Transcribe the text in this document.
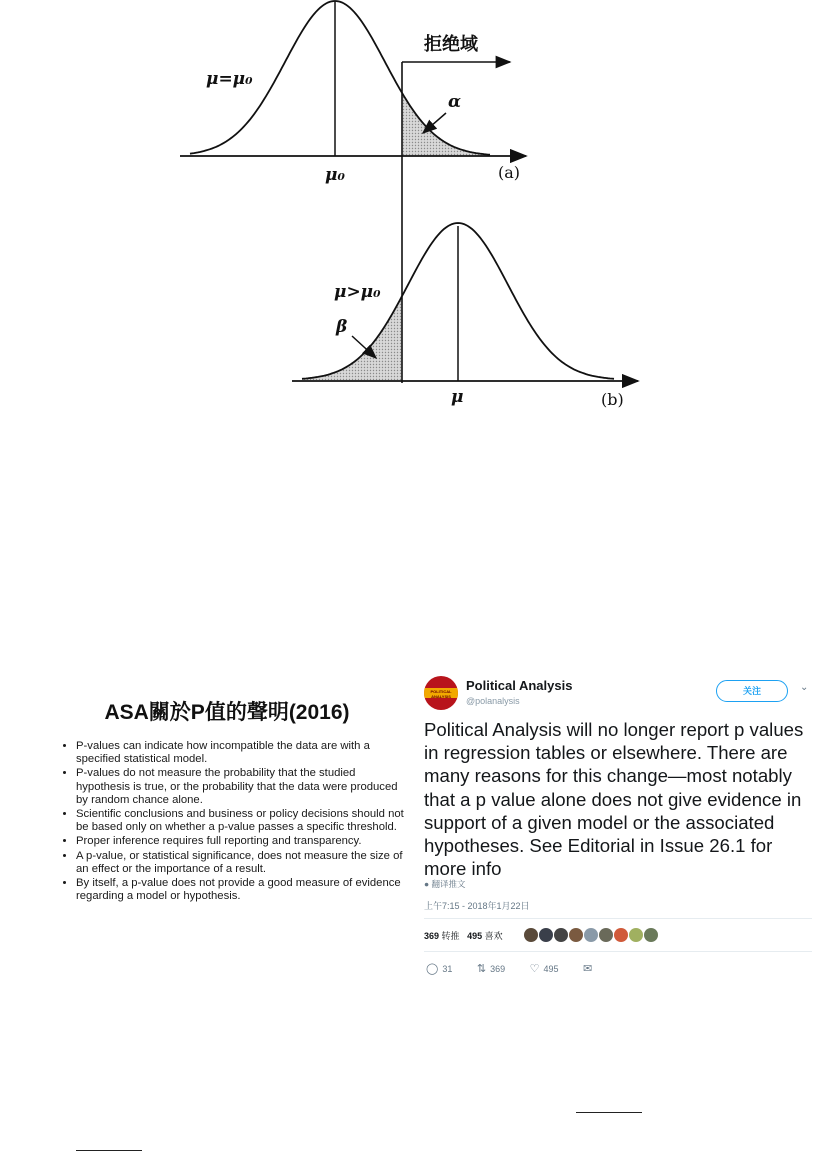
μ=μ₀
μ₀
α
拒绝域
(a)
μ>μ₀
β
μ	(b)
ASA關於P值的聲明(2016)
• P-values can indicate how incompatible the data are with a specified statistical model.
• P-values do not measure the probability that the studied hypothesis is true, or the probability that the data were produced by random chance alone.
• Scientific conclusions and business or policy decisions should not be based only on whether a p-value passes a specific threshold.
• Proper inference requires full reporting and transparency.
• A p-value, or statistical significance, does not measure the size of an effect or the importance of a result.
• By itself, a p-value does not provide a good measure of evidence regarding a model or hypothesis.
POLITICAL ANALYSIS
Political Analysis
@polanalysis
关注	⌄

Political Analysis will no longer report p values in regression tables or elsewhere. There are many reasons for this change—most notably that a p value alone does not give evidence in support of a given model or the associated hypotheses. See Editorial in Issue 26.1 for more info

● 翻译推文
上午7:15 - 2018年1月22日
369 转推 495 喜欢
◯ 31 ⇅ 369 ♡ 495 ✉
